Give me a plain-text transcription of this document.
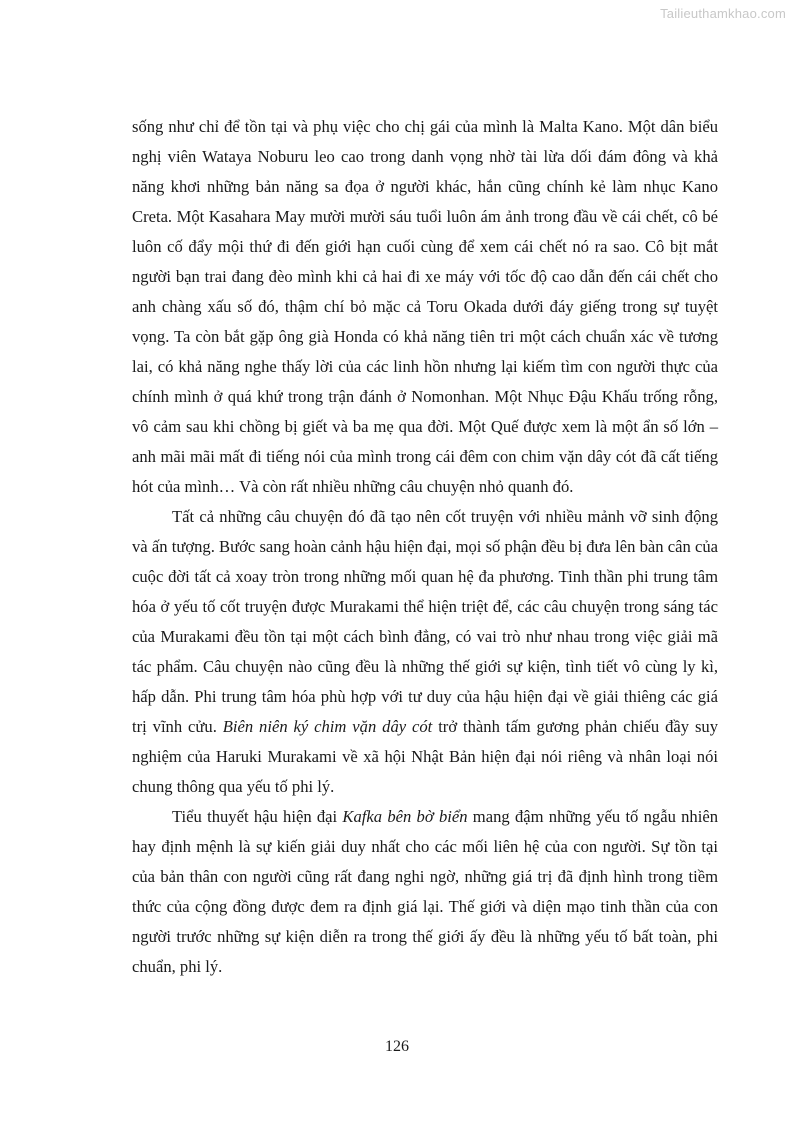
Tailieuthamkhao.com

sống như chỉ để tồn tại và phụ việc cho chị gái của mình là Malta Kano. Một dân biểu nghị viên Wataya Noburu leo cao trong danh vọng nhờ tài lừa dối đám đông và khả năng khơi những bản năng sa đọa ở người khác, hắn cũng chính kẻ làm nhục Kano Creta. Một Kasahara May mười mười sáu tuổi luôn ám ảnh trong đầu về cái chết, cô bé luôn cố đẩy mội thứ đi đến giới hạn cuối cùng để xem cái chết nó ra sao. Cô bịt mắt người bạn trai đang đèo mình khi cả hai đi xe máy với tốc độ cao dẫn đến cái chết cho anh chàng xấu số đó, thậm chí bỏ mặc cả Toru Okada dưới đáy giếng trong sự tuyệt vọng. Ta còn bắt gặp ông già Honda có khả năng tiên tri một cách chuẩn xác về tương lai, có khả năng nghe thấy lời của các linh hồn nhưng lại kiếm tìm con người thực của chính mình ở quá khứ trong trận đánh ở Nomonhan. Một Nhục Đậu Khấu trống rỗng, vô cảm sau khi chồng bị giết và ba mẹ qua đời. Một Quế được xem là một ẩn số lớn – anh mãi mãi mất đi tiếng nói của mình trong cái đêm con chim vặn dây cót đã cất tiếng hót của mình… Và còn rất nhiều những câu chuyện nhỏ quanh đó.

Tất cả những câu chuyện đó đã tạo nên cốt truyện với nhiều mảnh vỡ sinh động và ấn tượng. Bước sang hoàn cảnh hậu hiện đại, mọi số phận đều bị đưa lên bàn cân của cuộc đời tất cả xoay tròn trong những mối quan hệ đa phương. Tinh thần phi trung tâm hóa ở yếu tố cốt truyện được Murakami thể hiện triệt để, các câu chuyện trong sáng tác của Murakami đều tồn tại một cách bình đẳng, có vai trò như nhau trong việc giải mã tác phẩm. Câu chuyện nào cũng đều là những thế giới sự kiện, tình tiết vô cùng ly kì, hấp dẫn. Phi trung tâm hóa phù hợp với tư duy của hậu hiện đại về giải thiêng các giá trị vĩnh cửu. Biên niên ký chim vặn dây cót trở thành tấm gương phản chiếu đầy suy nghiệm của Haruki Murakami về xã hội Nhật Bản hiện đại nói riêng và nhân loại nói chung thông qua yếu tố phi lý.

Tiểu thuyết hậu hiện đại Kafka bên bờ biển mang đậm những yếu tố ngẫu nhiên hay định mệnh là sự kiến giải duy nhất cho các mối liên hệ của con người. Sự tồn tại của bản thân con người cũng rất đang nghi ngờ, những giá trị đã định hình trong tiềm thức của cộng đồng được đem ra định giá lại. Thế giới và diện mạo tinh thần của con người trước những sự kiện diễn ra trong thế giới ấy đều là những yếu tố bất toàn, phi chuẩn, phi lý.

126
